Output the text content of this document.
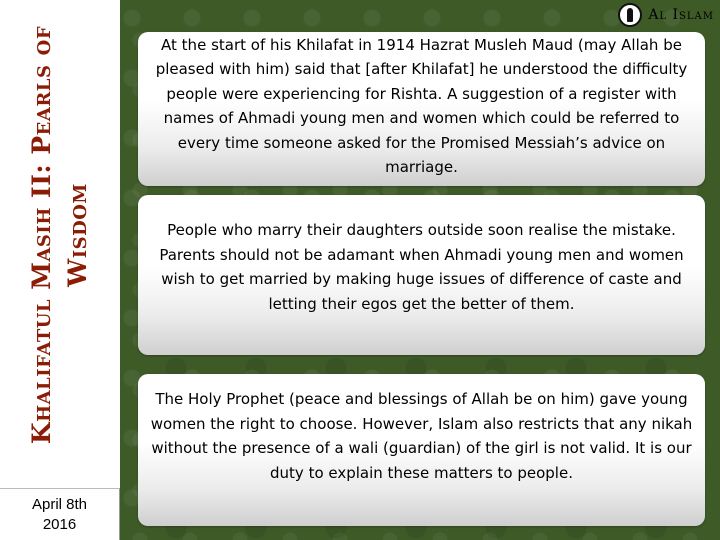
Khalifatul Masih II: Pearls of Wisdom
April 8th
2016
Al Islam
At the start of his Khilafat in 1914 Hazrat Musleh Maud (may Allah be pleased with him) said that [after Khilafat] he understood the difficulty people were experiencing for Rishta. A suggestion of a register with names of Ahmadi young men and women which could be referred to every time someone asked for the Promised Messiah’s advice on marriage.
People who marry their daughters outside soon realise the mistake. Parents should not be adamant when Ahmadi young men and women wish to get married by making huge issues of difference of caste and letting their egos get the better of them.
The Holy Prophet (peace and blessings of Allah be on him) gave young women the right to choose. However, Islam also restricts that any nikah without the presence of a wali (guardian) of the girl is not valid. It is our duty to explain these matters to people.
